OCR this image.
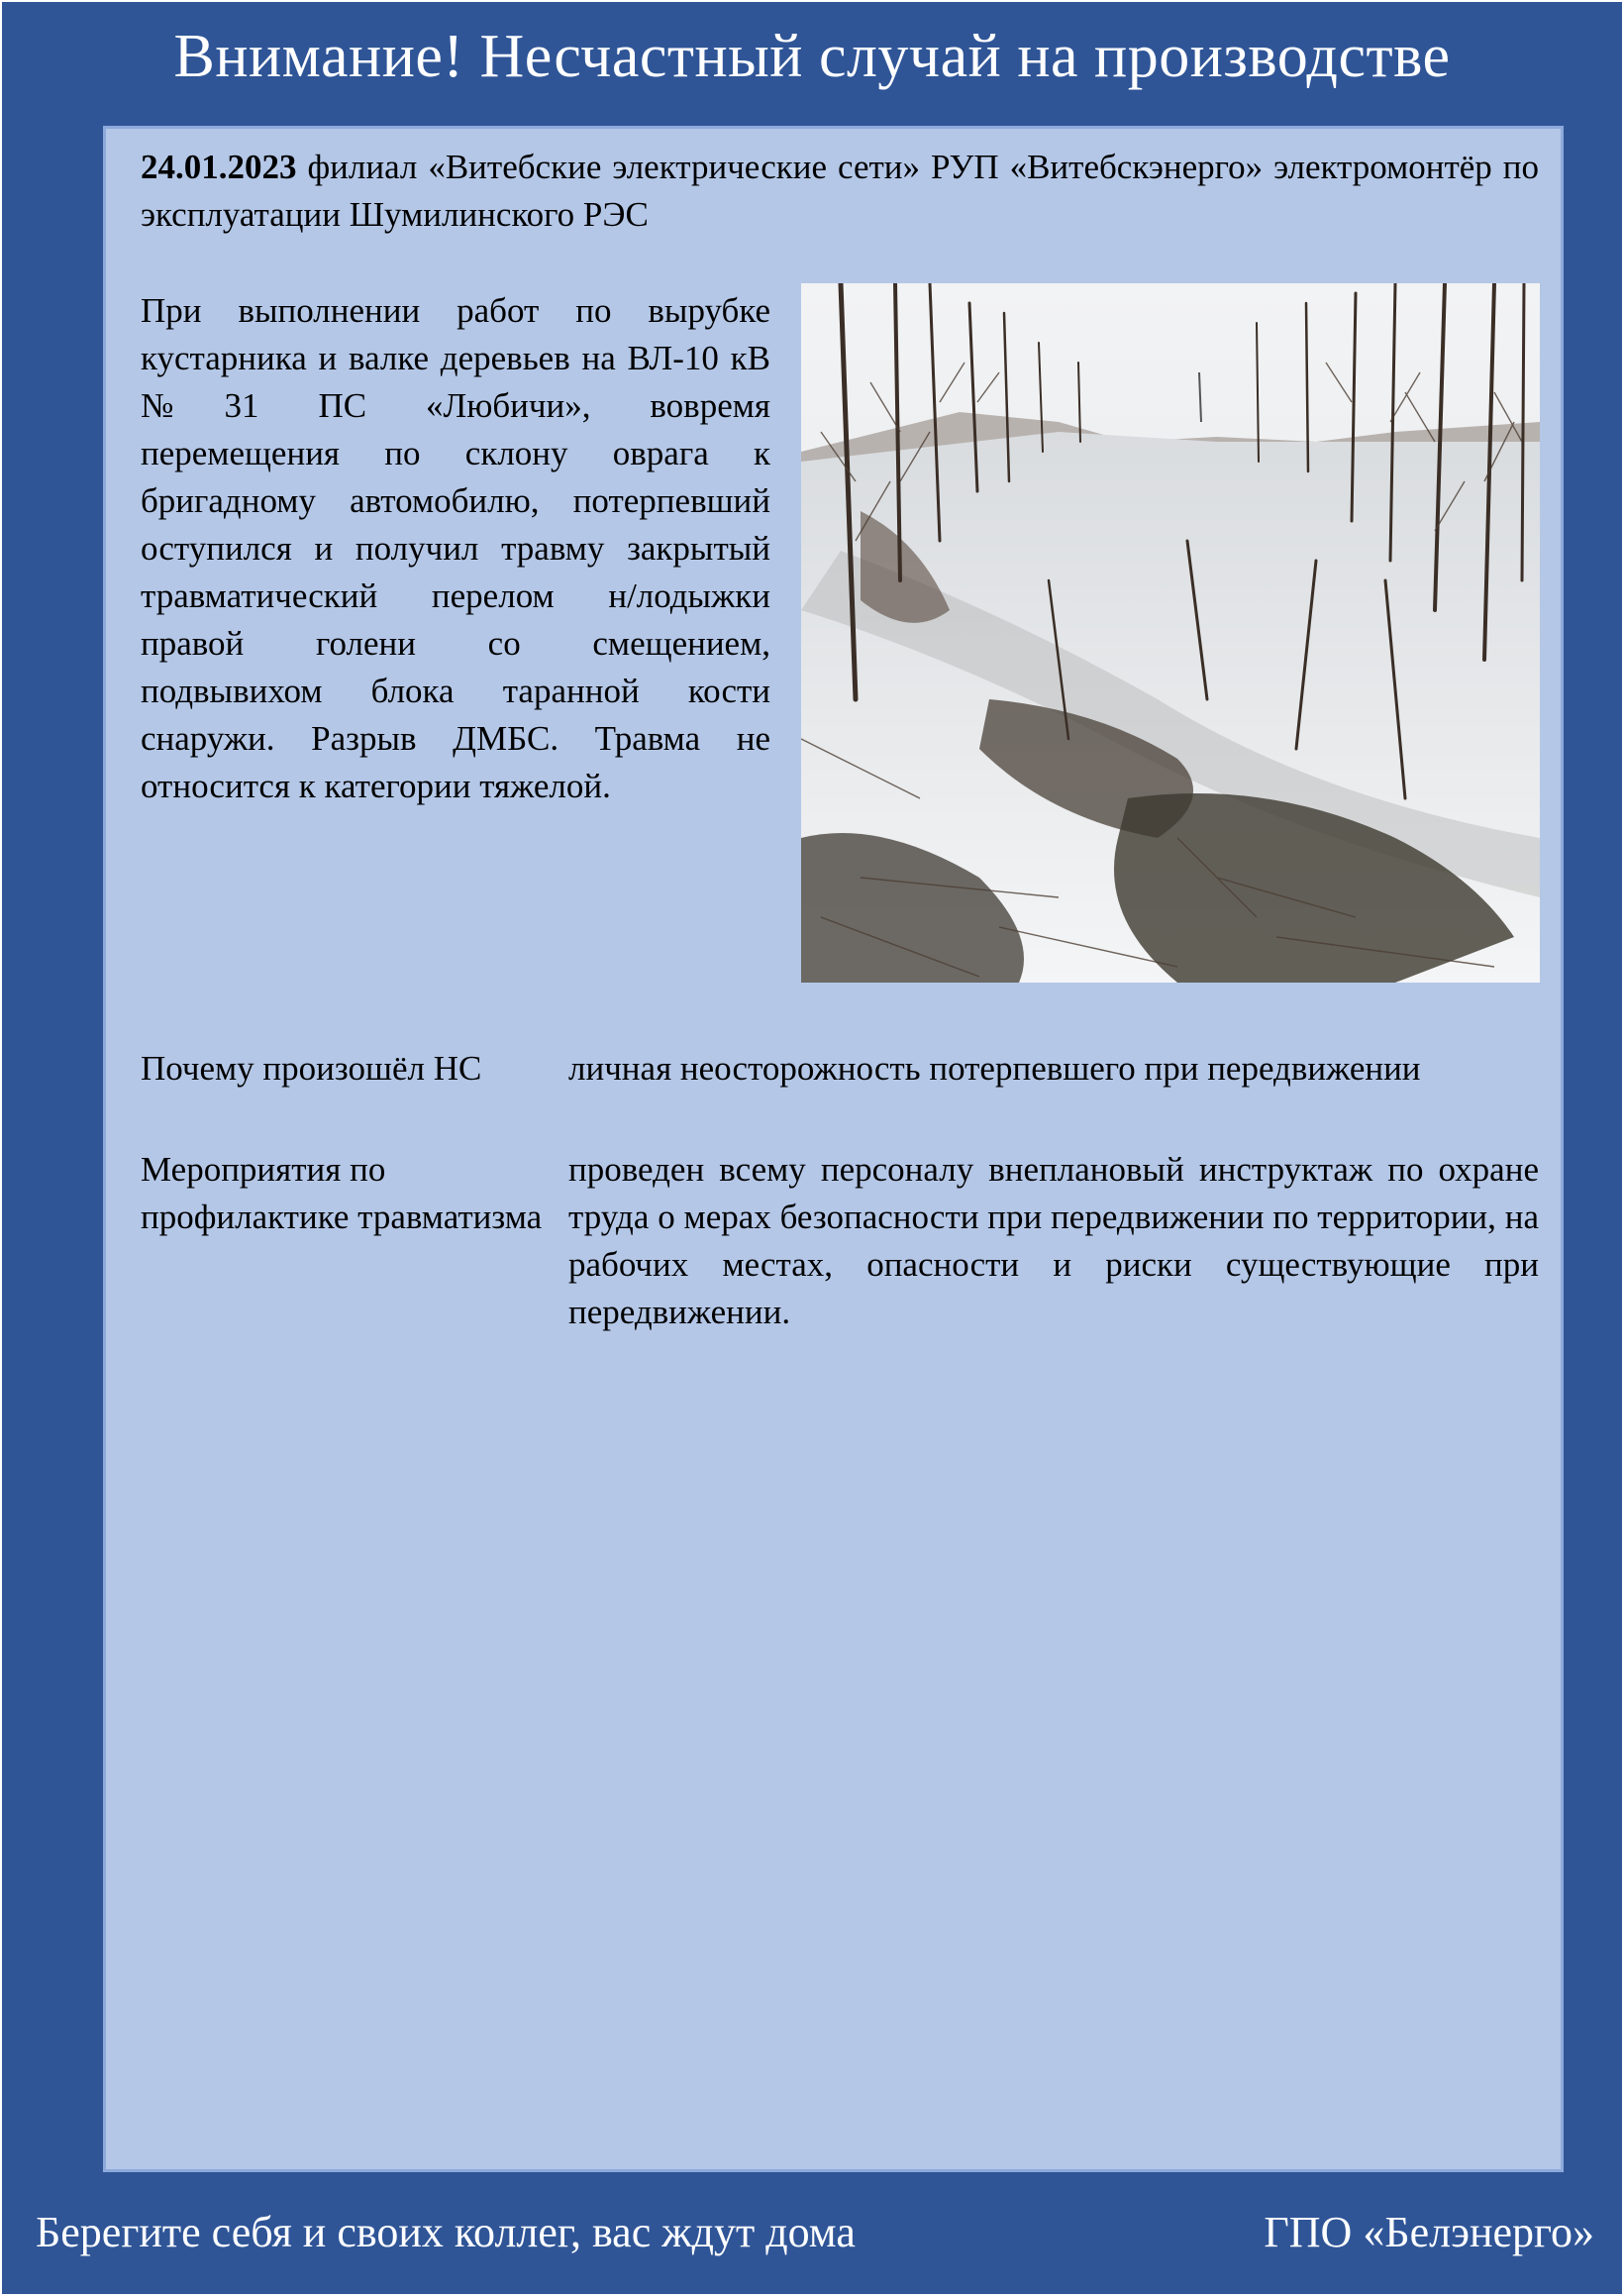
Внимание! Несчастный случай на производстве
24.01.2023 филиал «Витебские электрические сети» РУП «Витебскэнерго» электромонтёр по эксплуатации Шумилинского РЭС
При выполнении работ по вырубке кустарника и валке деревьев на ВЛ-10 кВ №31 ПС «Любичи», вовремя перемещения по склону оврага к бригадному автомобилю, потерпевший оступился и получил травму закрытый травматический перелом н/лодыжки правой голени со смещением, подвывихом блока таранной кости снаружи. Разрыв ДМБС. Травма не относится к категории тяжелой.
Почему произошёл НС	личная неосторожность потерпевшего при передвижении
Мероприятия по профилактике травматизма
проведен всему персоналу внеплановый инструктаж по охране труда о мерах безопасности при передвижении по территории, на рабочих местах, опасности и риски существующие при передвижении.
Берегите себя и своих коллег, вас ждут дома	ГПО «Белэнерго»
